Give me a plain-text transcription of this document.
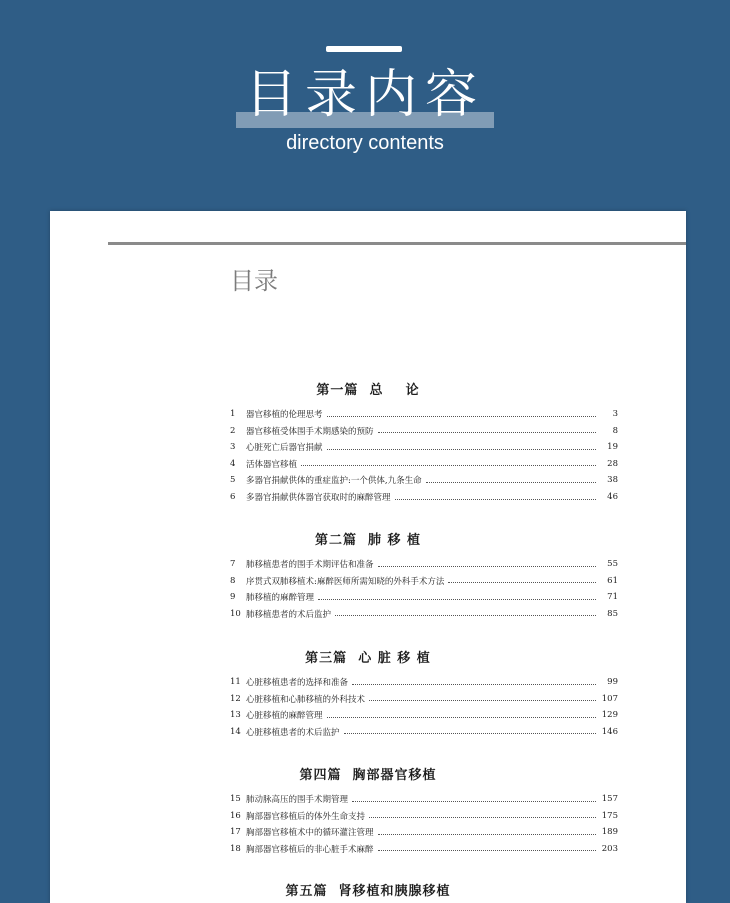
目录内容
directory contents
目录
第一篇  总    论
1	器官移植的伦理思考	3
2	器官移植受体围手术期感染的预防	8
3	心脏死亡后器官捐献	19
4	活体器官移植	28
5	多器官捐献供体的重症监护:一个供体,九条生命	38
6	多器官捐献供体器官获取时的麻醉管理	46
第二篇  肺 移 植
7	肺移植患者的围手术期评估和准备	55
8	序贯式双肺移植术:麻醉医师所需知晓的外科手术方法	61
9	肺移植的麻醉管理	71
10 肺移植患者的术后监护	85
第三篇  心 脏 移 植
11 心脏移植患者的选择和准备	99
12 心脏移植和心肺移植的外科技术	107
13 心脏移植的麻醉管理	129
14 心脏移植患者的术后监护	146
第四篇  胸部器官移植
15 肺动脉高压的围手术期管理	157
16 胸部器官移植后的体外生命支持	175
17 胸部器官移植术中的循环灌注管理	189
18 胸部器官移植后的非心脏手术麻醉	203
第五篇  肾移植和胰腺移植
